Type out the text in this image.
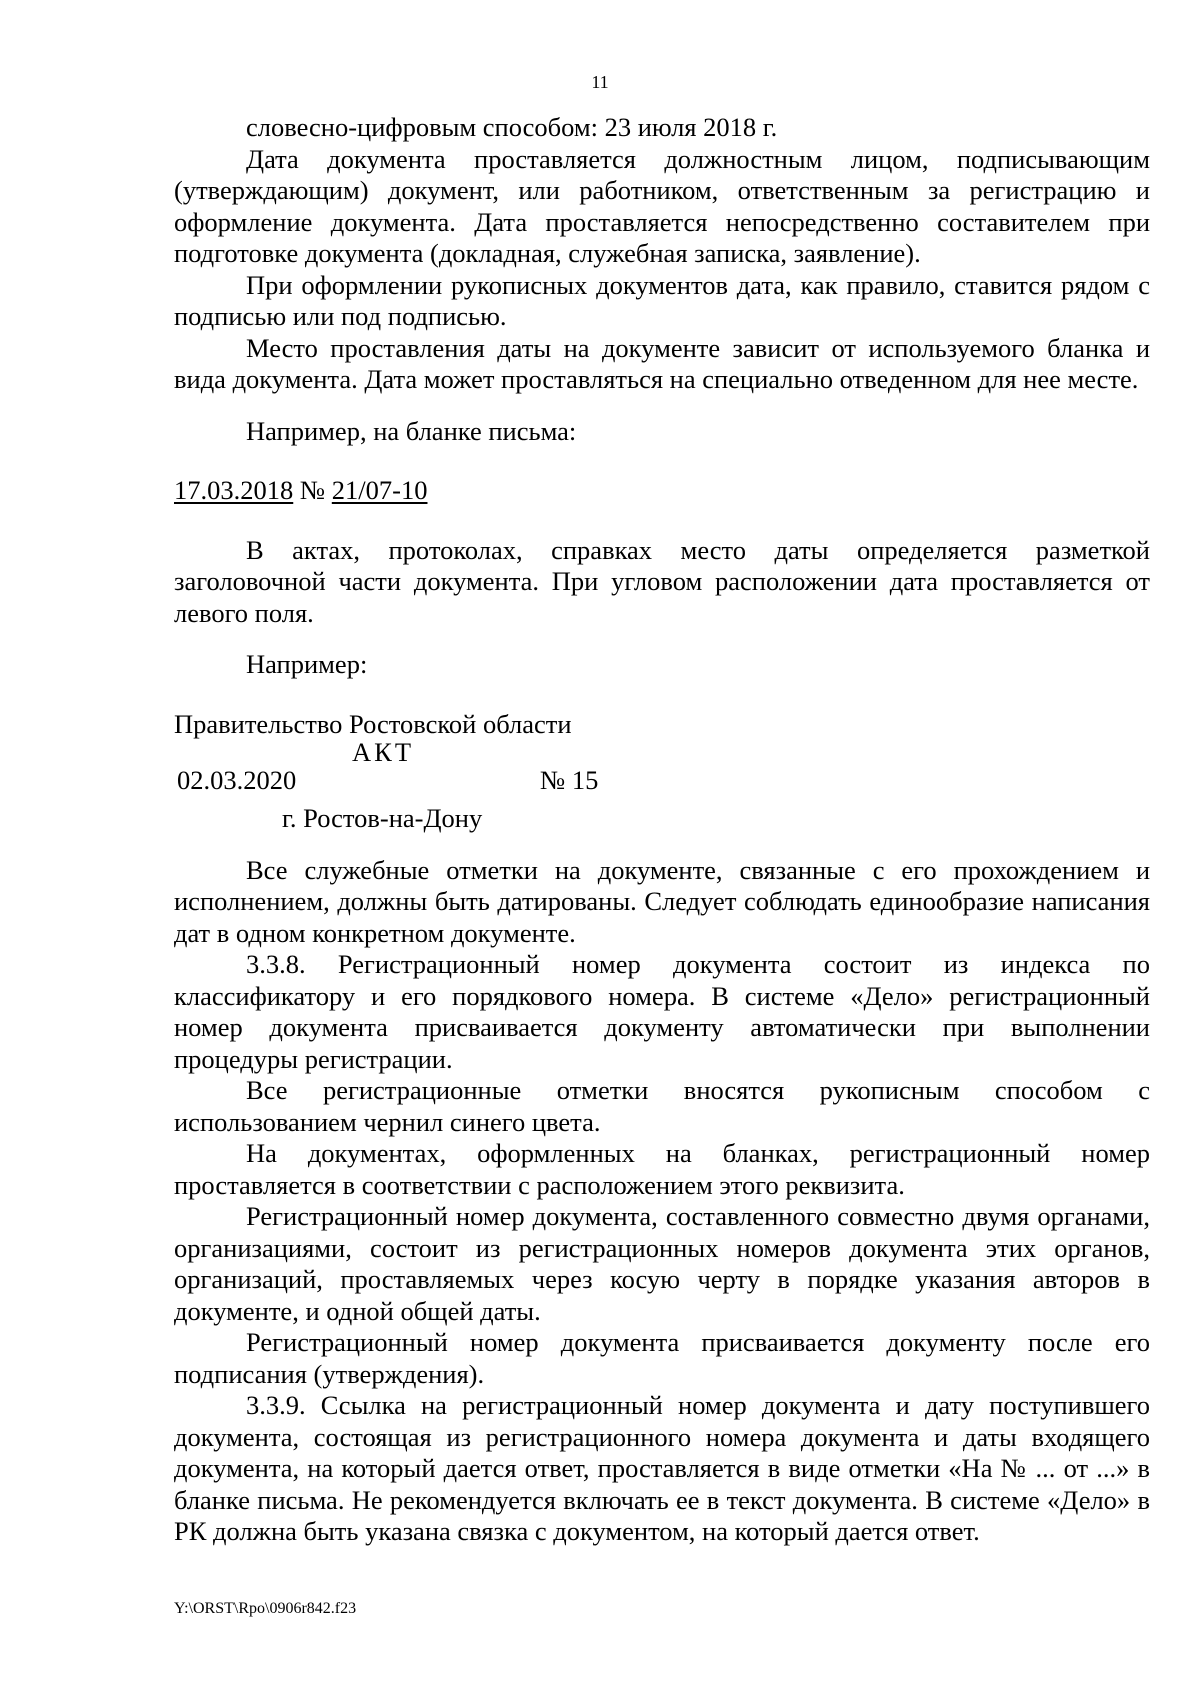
11

словесно-цифровым способом: 23 июля 2018 г.

Дата документа проставляется должностным лицом, подписывающим (утверждающим) документ, или работником, ответственным за регистрацию и оформление документа. Дата проставляется непосредственно составителем при подготовке документа (докладная, служебная записка, заявление).

При оформлении рукописных документов дата, как правило, ставится рядом с подписью или под подписью.

Место проставления даты на документе зависит от используемого бланка и вида документа. Дата может проставляться на специально отведенном для нее месте.

Например, на бланке письма:

17.03.2018 № 21/07-10

В актах, протоколах, справках место даты определяется разметкой заголовочной части документа. При угловом расположении дата проставляется от левого поля.

Например:

Правительство Ростовской области
АКТ
02.03.2020	№ 15
г. Ростов-на-Дону

Все служебные отметки на документе, связанные с его прохождением и исполнением, должны быть датированы. Следует соблюдать единообразие написания дат в одном конкретном документе.

3.3.8. Регистрационный номер документа состоит из индекса по классификатору и его порядкового номера. В системе «Дело» регистрационный номер документа присваивается документу автоматически при выполнении процедуры регистрации.

Все регистрационные отметки вносятся рукописным способом с использованием чернил синего цвета.

На документах, оформленных на бланках, регистрационный номер проставляется в соответствии с расположением этого реквизита.

Регистрационный номер документа, составленного совместно двумя органами, организациями, состоит из регистрационных номеров документа этих органов, организаций, проставляемых через косую черту в порядке указания авторов в документе, и одной общей даты.

Регистрационный номер документа присваивается документу после его подписания (утверждения).

3.3.9. Ссылка на регистрационный номер документа и дату поступившего документа, состоящая из регистрационного номера документа и даты входящего документа, на который дается ответ, проставляется в виде отметки «На № ... от ...» в бланке письма. Не рекомендуется включать ее в текст документа. В системе «Дело» в РК должна быть указана связка с документом, на который дается ответ.

Y:\ORST\Rpo\0906r842.f23
